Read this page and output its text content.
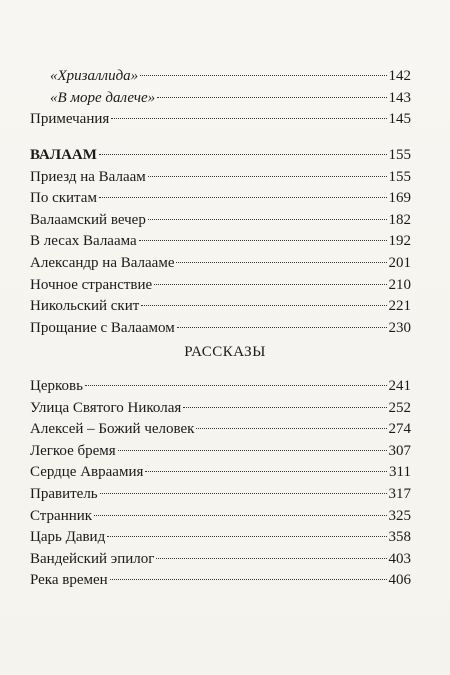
«Хризаллида»	142
«В море далече»	143
Примечания	145
ВАЛААМ	155
Приезд на Валаам	155
По скитам	169
Валаамский вечер	182
В лесах Валаама	192
Александр на Валааме	201
Ночное странствие	210
Никольский скит	221
Прощание с Валаамом	230
РАССКАЗЫ
Церковь	241
Улица Святого Николая	252
Алексей – Божий человек	274
Легкое бремя	307
Сердце Авраамия	311
Правитель	317
Странник	325
Царь Давид	358
Вандейский эпилог	403
Река времен	406
